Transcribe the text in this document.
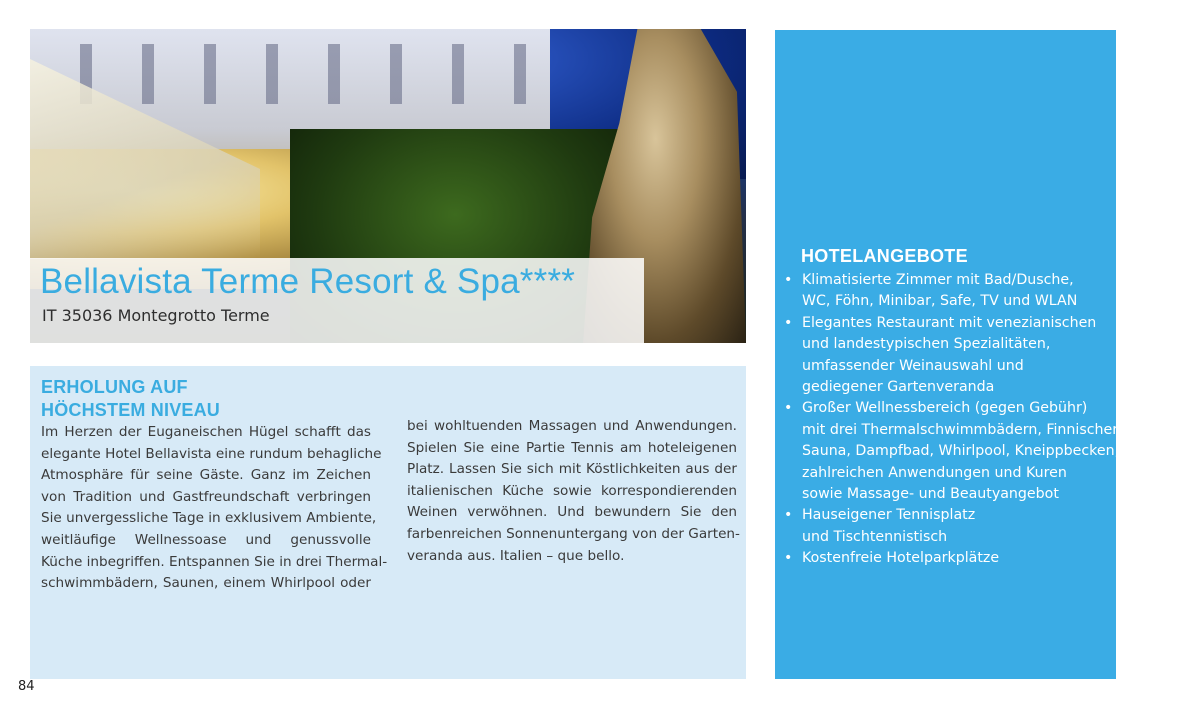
Bellavista Terme Resort & Spa****
IT 35036 Montegrotto Terme
ERHOLUNG AUF
HÖCHSTEM NIVEAU
Im Herzen der Euganeischen Hügel schafft das
elegante Hotel Bellavista eine rundum behagliche
Atmosphäre für seine Gäste. Ganz im Zeichen
von Tradition und Gastfreundschaft verbringen
Sie unvergessliche Tage in exklusivem Ambiente,
weitläufige Wellnessoase und genussvolle
Küche inbegriffen. Entspannen Sie in drei Thermal-
schwimmbädern, Saunen, einem Whirlpool oder
bei wohltuenden Massagen und Anwendungen.
Spielen Sie eine Partie Tennis am hoteleigenen
Platz. Lassen Sie sich mit Köstlichkeiten aus der
italienischen Küche sowie korrespondierenden
Weinen verwöhnen. Und bewundern Sie den
farbenreichen Sonnenuntergang von der Garten-
veranda aus. Italien – que bello.
HOTELANGEBOTE
• Klimatisierte Zimmer mit Bad/Dusche,
WC, Föhn, Minibar, Safe, TV und WLAN
• Elegantes Restaurant mit venezianischen
und landestypischen Spezialitäten,
umfassender Weinauswahl und
gediegener Gartenveranda
• Großer Wellnessbereich (gegen Gebühr)
mit drei Thermalschwimmbädern, Finnischer
Sauna, Dampfbad, Whirlpool, Kneippbecken,
zahlreichen Anwendungen und Kuren
sowie Massage- und Beautyangebot
• Hauseigener Tennisplatz
und Tischtennistisch
• Kostenfreie Hotelparkplätze
84
